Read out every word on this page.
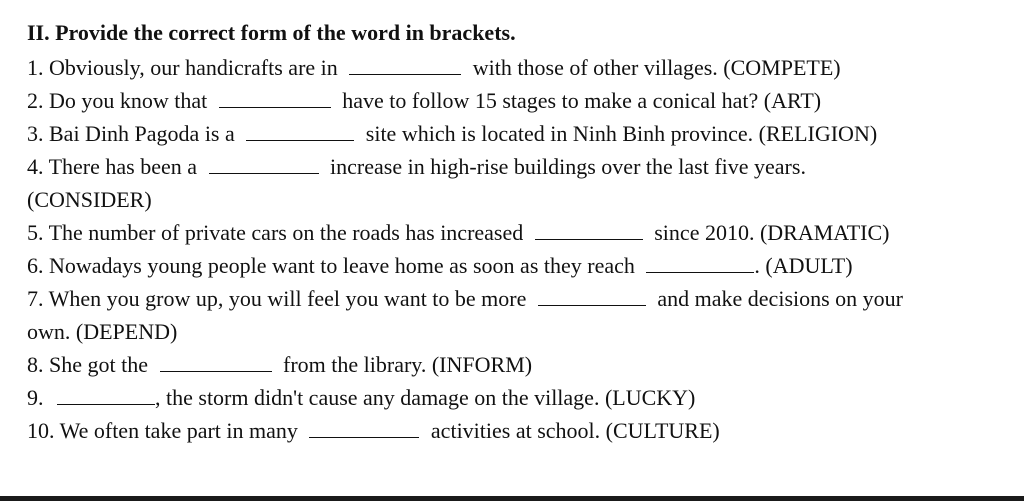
II. Provide the correct form of the word in brackets.
1. Obviously, our handicrafts are in	with those of other villages. (COMPETE)
2. Do you know that	have to follow 15 stages to make a conical hat? (ART)
3. Bai Dinh Pagoda is a	site which is located in Ninh Binh province. (RELIGION)
4. There has been a	increase in high-rise buildings over the last five years.
(CONSIDER)
5. The number of private cars on the roads has increased	since 2010. (DRAMATIC)
6. Nowadays young people want to leave home as soon as they reach	. (ADULT)
7. When you grow up, you will feel you want to be more	and make decisions on your
own. (DEPEND)
8. She got the	from the library. (INFORM)
9.	, the storm didn't cause any damage on the village. (LUCKY)
10. We often take part in many	activities at school. (CULTURE)
